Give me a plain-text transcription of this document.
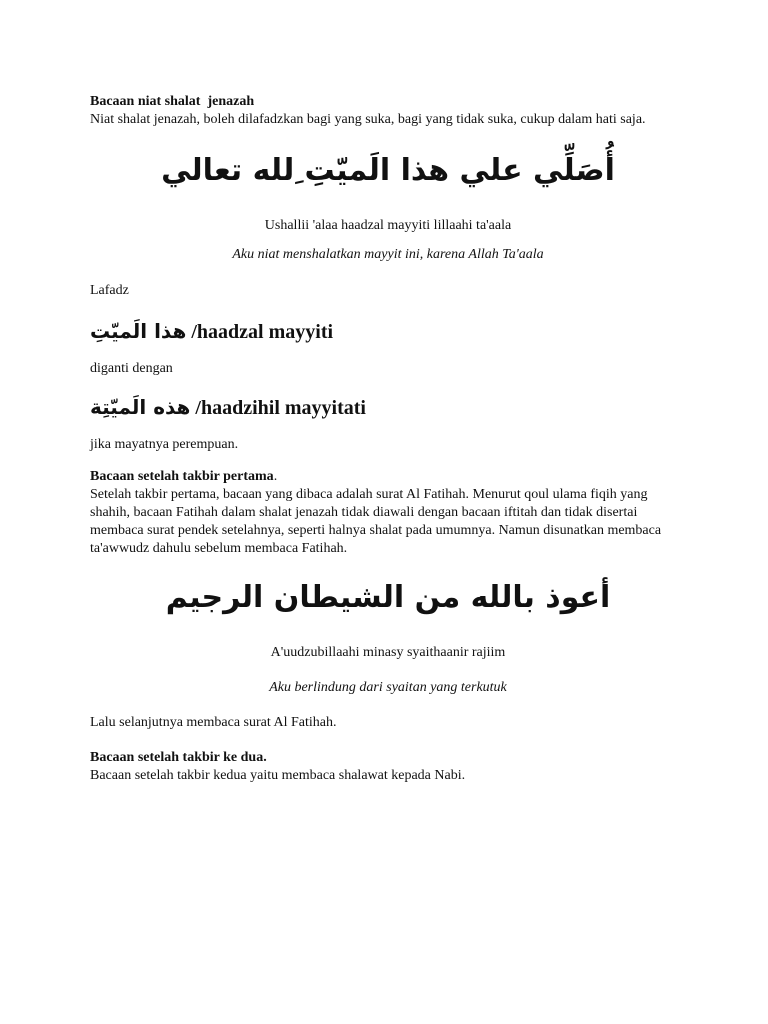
Bacaan niat shalat  jenazah

Niat shalat jenazah, boleh dilafadzkan bagi yang suka, bagi yang tidak suka, cukup dalam hati saja.

أُصَلِّي علي هذا الَميّتِ ِلله تعالي

Ushallii 'alaa haadzal mayyiti lillaahi ta'aala

Aku niat menshalatkan mayyit ini, karena Allah Ta'aala

Lafadz

هذا الَميّتِ /haadzal mayyiti

diganti dengan

هذه الَميّتِة /haadzihil mayyitati

jika mayatnya perempuan.

Bacaan setelah takbir pertama.

Setelah takbir pertama, bacaan yang dibaca adalah surat Al Fatihah. Menurut qoul ulama fiqih yang shahih, bacaan Fatihah dalam shalat jenazah tidak diawali dengan bacaan iftitah dan tidak disertai membaca surat pendek setelahnya, seperti halnya shalat pada umumnya. Namun disunatkan membaca ta'awwudz dahulu sebelum membaca Fatihah.

أعوذ بالله من الشيطان الرجيم

A'uudzubillaahi minasy syaithaanir rajiim

Aku berlindung dari syaitan yang terkutuk

Lalu selanjutnya membaca surat Al Fatihah.

Bacaan setelah takbir ke dua.

Bacaan setelah takbir kedua yaitu membaca shalawat kepada Nabi.
